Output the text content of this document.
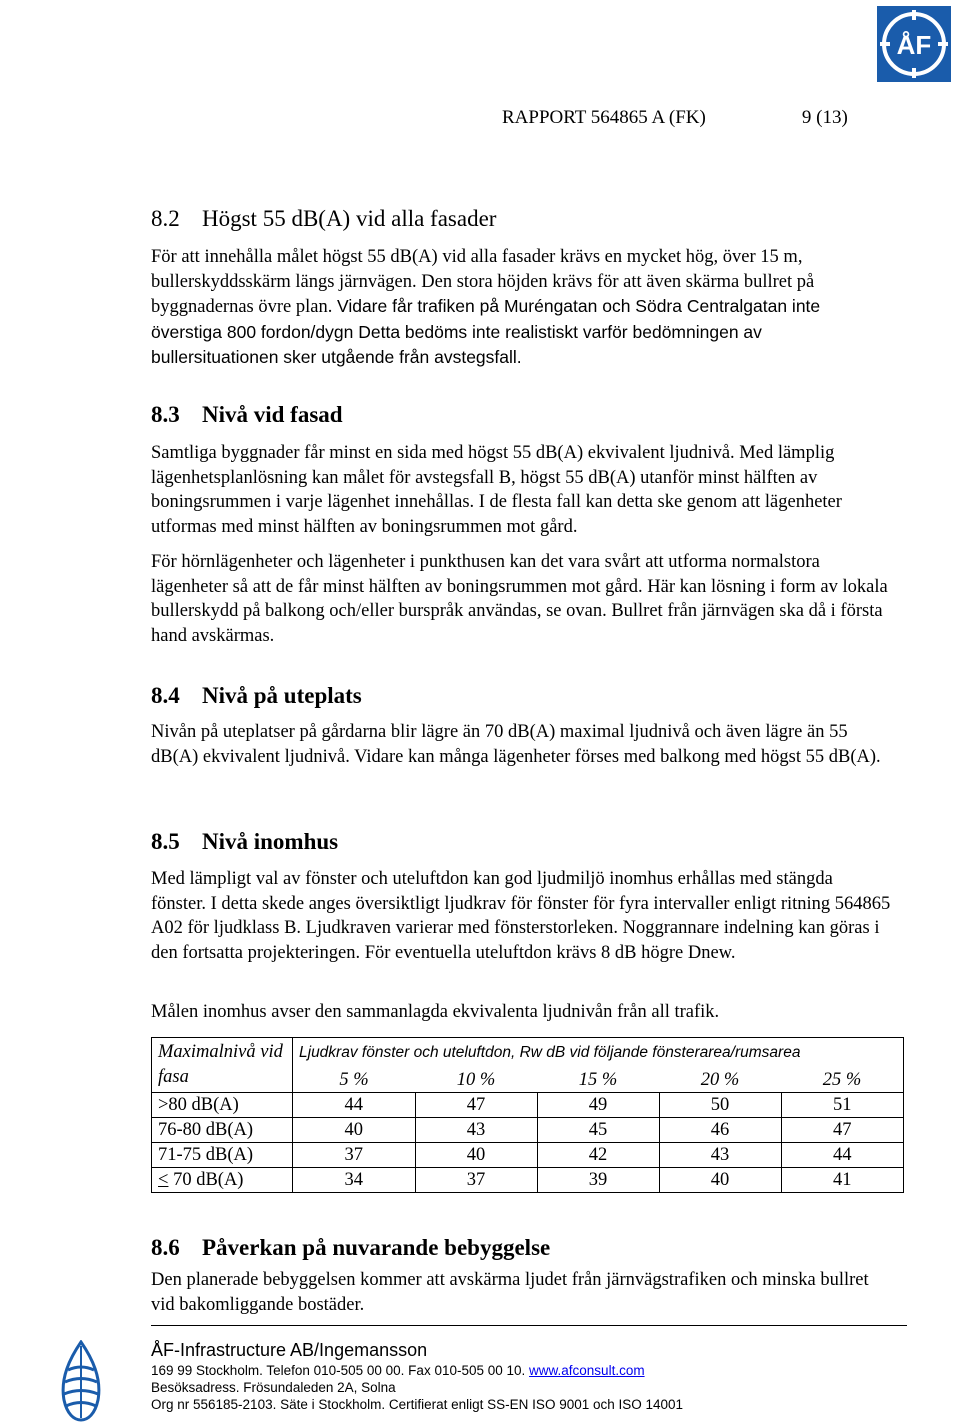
ÅF
RAPPORT 564865 A (FK)	9 (13)
8.2 Högst 55 dB(A) vid alla fasader

För att innehålla målet högst 55 dB(A) vid alla fasader krävs en mycket hög, över 15 m, bullerskyddsskärm längs järnvägen. Den stora höjden krävs för att även skärma bullret på byggnadernas övre plan. Vidare får trafiken på Muréngatan och Södra Centralgatan inte överstiga 800 fordon/dygn Detta bedöms inte realistiskt varför bedömningen av bullersituationen sker utgående från avstegsfall.

8.3 Nivå vid fasad

Samtliga byggnader får minst en sida med högst 55 dB(A) ekvivalent ljudnivå. Med lämplig lägenhetsplanlösning kan målet för avstegsfall B, högst 55 dB(A) utanför minst hälften av boningsrummen i varje lägenhet innehållas. I de flesta fall kan detta ske genom att lägenheter utformas med minst hälften av boningsrummen mot gård.

För hörnlägenheter och lägenheter i punkthusen kan det vara svårt att utforma normalstora lägenheter så att de får minst hälften av boningsrummen mot gård. Här kan lösning i form av lokala bullerskydd på balkong och/eller burspråk användas, se ovan. Bullret från järnvägen ska då i första hand avskärmas.

8.4 Nivå på uteplats

Nivån på uteplatser på gårdarna blir lägre än 70 dB(A) maximal ljudnivå och även lägre än 55 dB(A) ekvivalent ljudnivå. Vidare kan många lägenheter förses med balkong med högst 55 dB(A).

8.5 Nivå inomhus

Med lämpligt val av fönster och uteluftdon kan god ljudmiljö inomhus erhållas med stängda fönster. I detta skede anges översiktligt ljudkrav för fönster för fyra intervaller enligt ritning 564865 A02 för ljudklass B. Ljudkraven varierar med fönsterstorleken. Noggrannare indelning kan göras i den fortsatta projekteringen. För eventuella uteluftdon krävs 8 dB högre Dnew.

Målen inomhus avser den sammanlagda ekvivalenta ljudnivån från all trafik.

Maximalnivå vid fasa	Ljudkrav fönster och uteluftdon, Rw dB vid följande fönsterarea/rumsarea				
	5 %	10 %	15 %	20 %	25 %
>80 dB(A)	44	47	49	50	51
76-80 dB(A)	40	43	45	46	47
71-75 dB(A)	37	40	42	43	44
< 70 dB(A)	34	37	39	40	41
8.6 Påverkan på nuvarande bebyggelse

Den planerade bebyggelsen kommer att avskärma ljudet från järnvägstrafiken och minska bullret vid bakomliggande bostäder.

ÅF-Infrastructure AB/Ingemansson
169 99 Stockholm. Telefon 010-505 00 00. Fax 010-505 00 10. www.afconsult.com
Besöksadress. Frösundaleden 2A, Solna
Org nr 556185-2103. Säte i Stockholm. Certifierat enligt SS-EN ISO 9001 och ISO 14001
